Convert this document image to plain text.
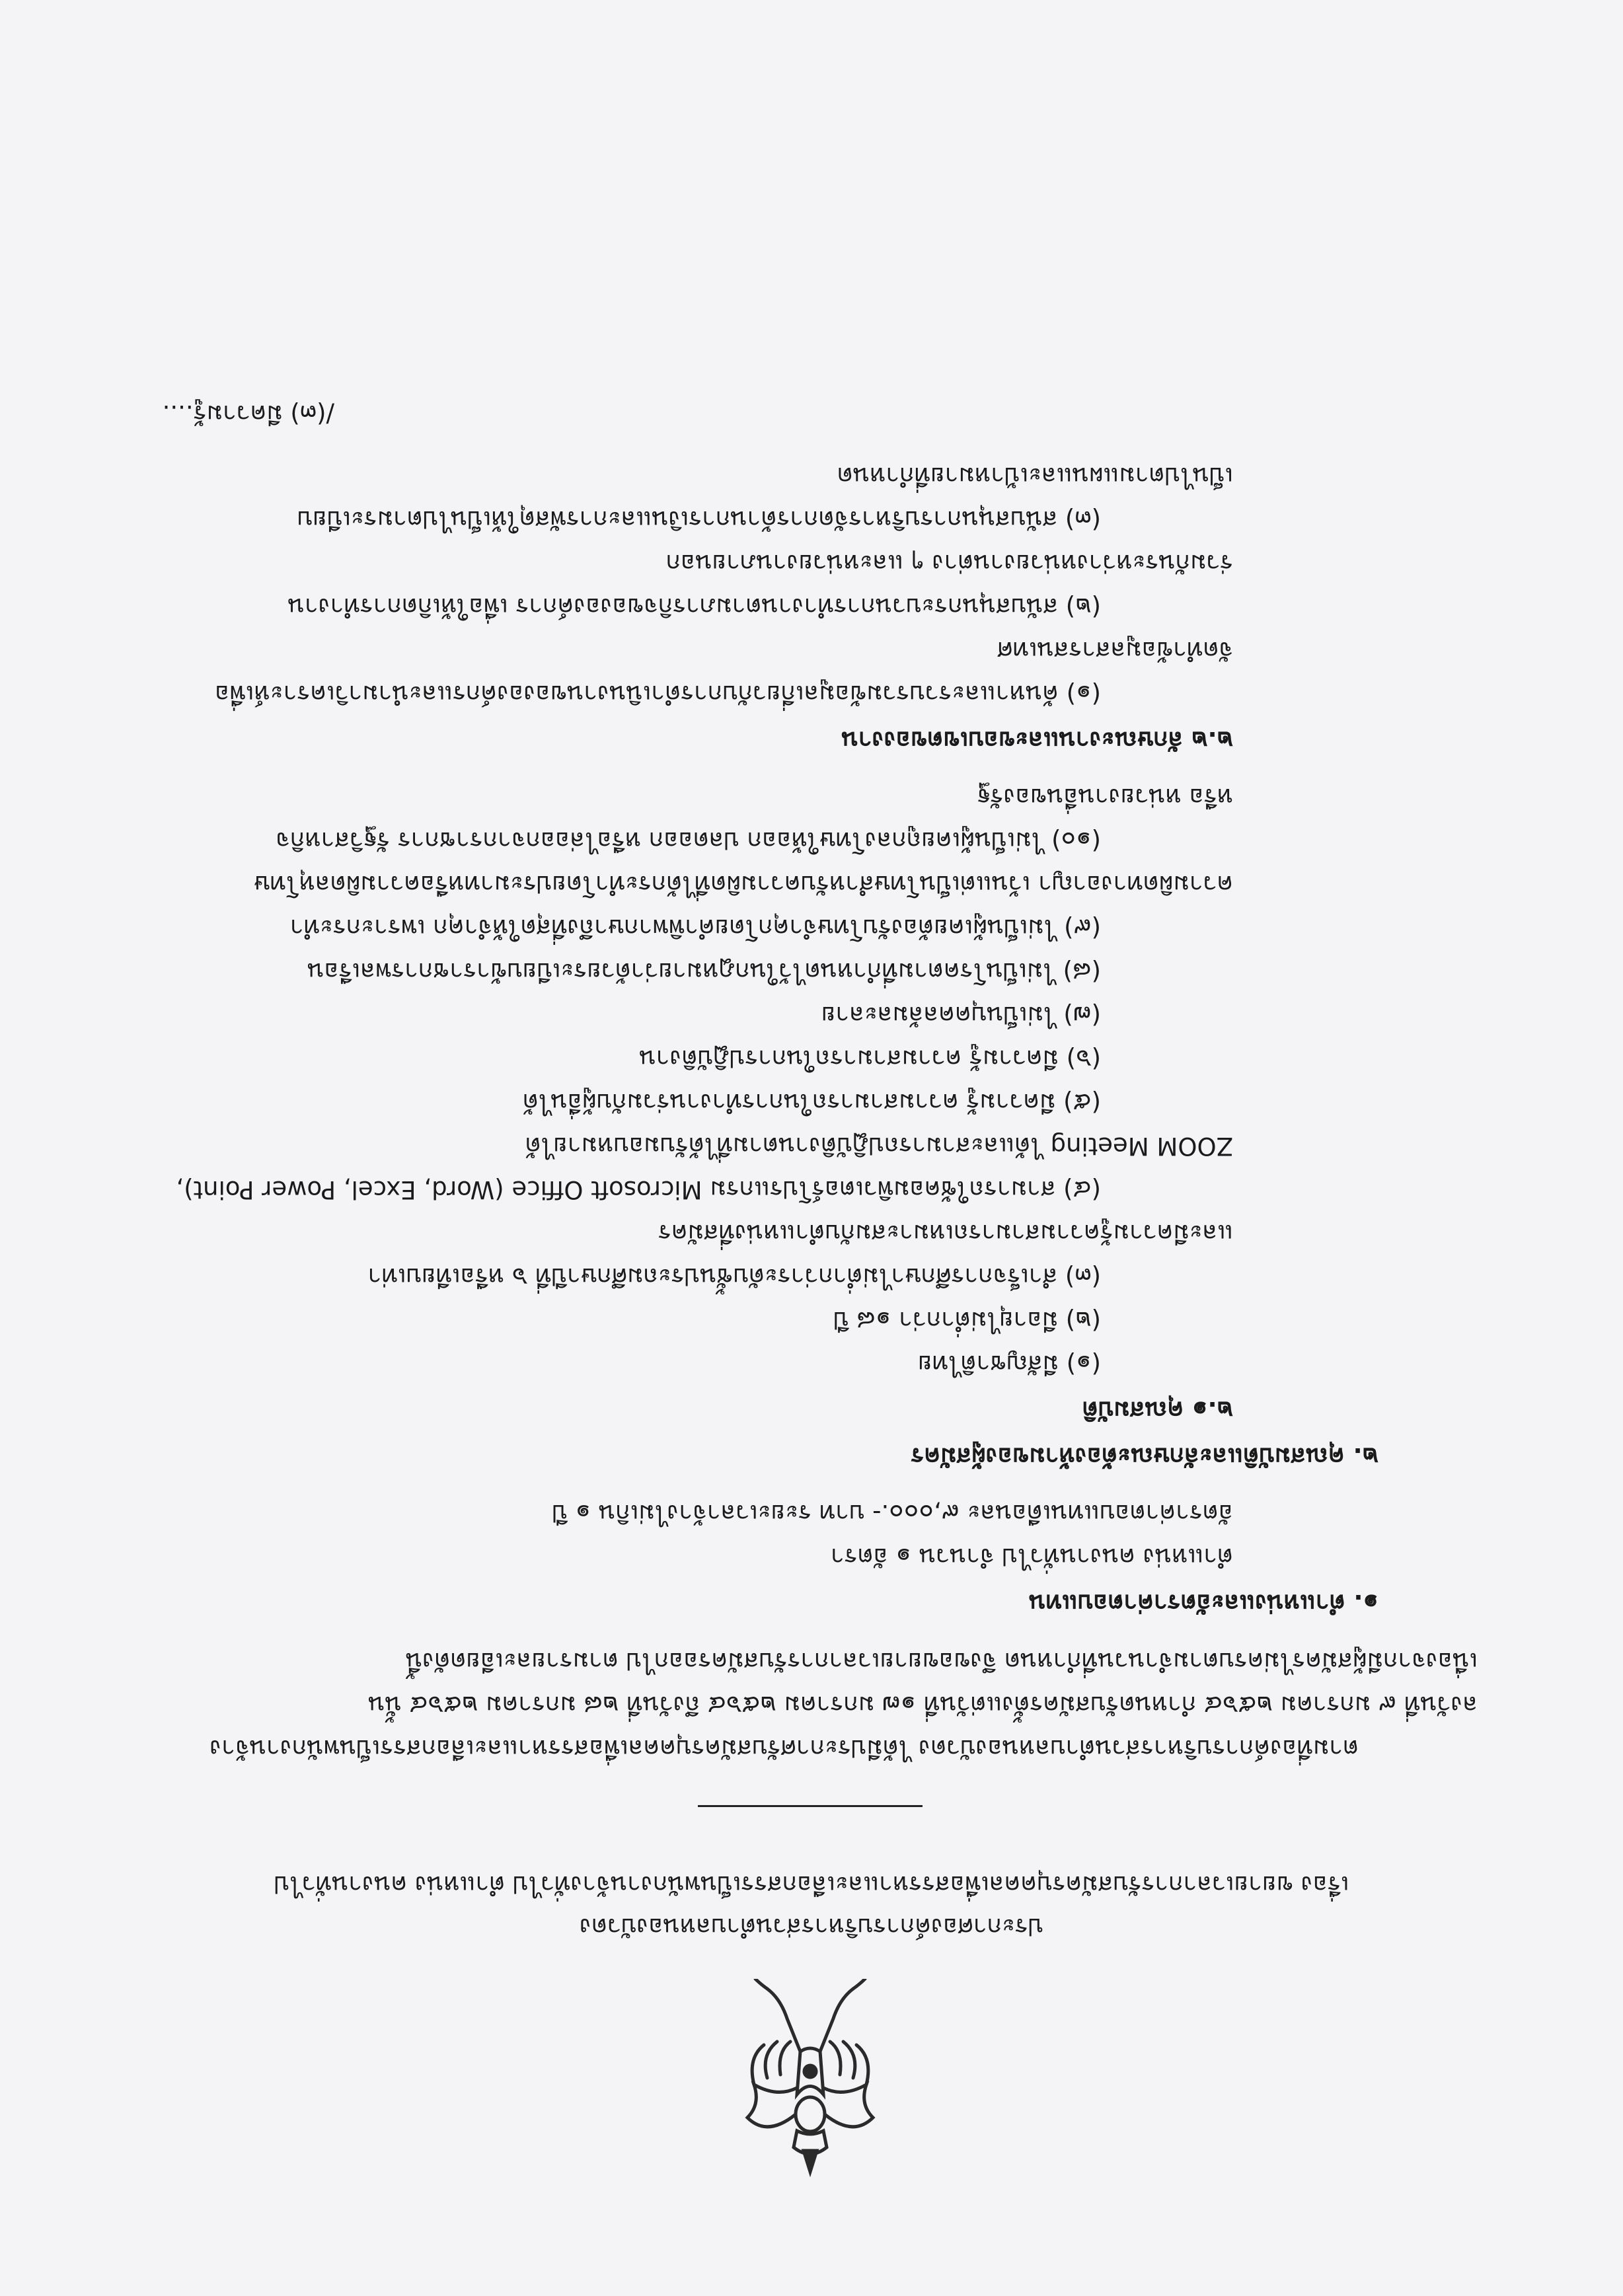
ประกาศองค์การบริหารส่วนตำบลหนองบัวดง
เรื่อง ขยายเวลาการรับสมัครบุคคลเพื่อสรรหาและเลือกสรรเป็นพนักงานจ้างทั่วไป ตำแหน่ง คนงานทั่วไป
ตามที่องค์การบริหารส่วนตำบลหนองบัวดง ได้มีประกาศรับสมัครบุคคลเพื่อสรรหาและเลือกสรรเป็นพนักงานจ้าง
ลงวันที่ ๙ มกราคม ๒๕๖๔ กำหนดรับสมัครตั้งแต่วันที่ ๑๗ มกราคม ๒๕๖๔ ถึงวันที่ ๒๘ มกราคม ๒๕๖๔ นั้น
เนื่องจากมีผู้สมัครไม่ครบตามจำนวนที่กำหนด จึงขอขยายเวลาการรับสมัครออกไป ตามรายละเอียดดังนี้
๑. ตำแหน่งและอัตราค่าตอบแทน
ตำแหน่ง คนงานทั่วไป จำนวน ๑ อัตรา
อัตราค่าตอบแทนเดือนละ ๙,๐๐๐.- บาท ระยะเวลาจ้างไม่เกิน ๑ ปี
๒. คุณสมบัติและลักษณะต้องห้ามของผู้สมัคร
๒.๑ คุณสมบัติ
(๑) มีสัญชาติไทย
(๒) มีอายุไม่ต่ำกว่า ๑๘ ปี
(๓) สำเร็จการศึกษาไม่ต่ำกว่าระดับชั้นประถมศึกษาปีที่ ๖ หรือเทียบเท่า
และมีความรู้ความสามารถเหมาะสมกับตำแหน่งที่สมัคร
(๔) สามารถใช้คอมพิวเตอร์โปรแกรม Microsoft Office (Word, Excel, Power Point),
ZOOM Meeting ได้และสามารถปฏิบัติงานตามที่ได้รับมอบหมายได้
(๕) มีความรู้ ความสามารถในการทำงานร่วมกับผู้อื่นได้
(๖) มีความรู้ ความสามารถในการปฏิบัติงาน
(๗) ไม่เป็นบุคคลล้มละลาย
(๘) ไม่เป็นโรคตามที่กำหนดไว้ในกฎหมายว่าด้วยระเบียบข้าราชการพลเรือน
(๙) ไม่เป็นผู้เคยต้องรับโทษจำคุกโดยคำพิพากษาถึงที่สุดให้จำคุก เพราะกระทำ
ความผิดทางอาญา เว้นแต่เป็นโทษสำหรับความผิดที่ได้กระทำโดยประมาทหรือความผิดลหุโทษ
(๑๐) ไม่เป็นผู้เคยถูกลงโทษให้ออก ปลดออก หรือไล่ออกจากราชการ รัฐวิสาหกิจ
หรือ หน่วยงานอื่นของรัฐ
๒.๒ ลักษณะงานและขอบเขตของงาน
(๑) ค้นหาและรวบรวมข้อมูลเกี่ยวกับการดำเนินงานขององค์กรและนำมาวิเคราะห์เพื่อ
จัดทำข้อมูลสารสนเทศ
(๒) สนับสนุนกระบวนการทำงานตามภารกิจขององค์การ เพื่อให้เกิดการทำงาน
ร่วมกันระหว่างหน่วยงานต่าง ๆ และหน่วยงานภายนอก
(๓) สนับสนุนการบริหารจัดการด้านการเงินและการพัสดุให้เป็นไปตามระเบียบ
เป็นไปตามแผนและเป้าหมายที่กำหนด
/(๓) มีความรู้....
